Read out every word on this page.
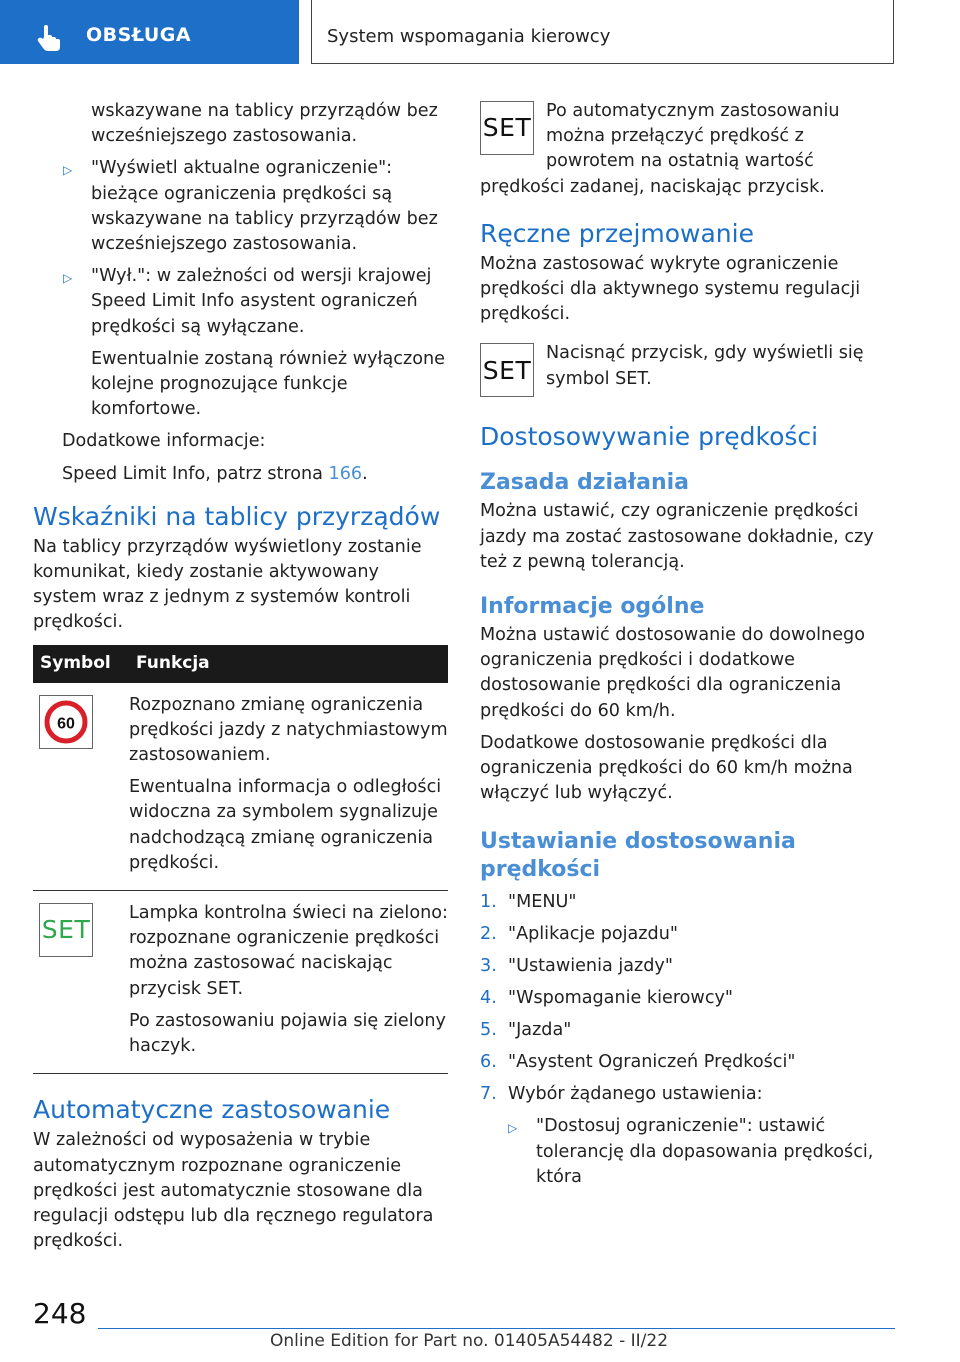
OBSŁUGA	System wspomagania kierowcy

wskazywane na tablicy przyrządów bez wcześniejszego zastosowania.

▷	"Wyświetl aktualne ograniczenie": bieżące ograniczenia prędkości są wskazywane na tablicy przyrządów bez wcześniejszego zastosowania.
▷	"Wył.": w zależności od wersji krajowej Speed Limit Info asystent ograniczeń prędkości są wyłączane.

Ewentualnie zostaną również wyłączone kolejne prognozujące funkcje komfortowe.

Dodatkowe informacje:

Speed Limit Info, patrz strona 166.

Wskaźniki na tablicy przyrządów

Na tablicy przyrządów wyświetlony zostanie komunikat, kiedy zostanie aktywowany system wraz z jednym z systemów kontroli prędkości.

Symbol	Funkcja

60	Rozpoznano zmianę ograniczenia prędkości jazdy z natychmiastowym zastosowaniem.

Ewentualna informacja o odległości widoczna za symbolem sygnalizuje nadchodzącą zmianę ograniczenia prędkości.

SET	Lampka kontrolna świeci na zielono: rozpoznane ograniczenie prędkości można zastosować naciskając przycisk SET.

Po zastosowaniu pojawia się zielony haczyk.

Automatyczne zastosowanie

W zależności od wyposażenia w trybie automatycznym rozpoznane ograniczenie prędkości jest automatycznie stosowane dla regulacji odstępu lub dla ręcznego regulatora prędkości.

SET

Po automatycznym zastosowaniu można przełączyć prędkość z powrotem na ostatnią wartość prędkości zadanej, naciskając przycisk.

Ręczne przejmowanie

Można zastosować wykryte ograniczenie prędkości dla aktywnego systemu regulacji prędkości.

SET

Nacisnąć przycisk, gdy wyświetli się symbol SET.

Dostosowywanie prędkości
Zasada działania

Można ustawić, czy ograniczenie prędkości jazdy ma zostać zastosowane dokładnie, czy też z pewną tolerancją.

Informacje ogólne

Można ustawić dostosowanie do dowolnego ograniczenia prędkości i dodatkowe dostosowanie prędkości dla ograniczenia prędkości do 60 km/h.

Dodatkowe dostosowanie prędkości dla ograniczenia prędkości do 60 km/h można włączyć lub wyłączyć.

Ustawianie dostosowania prędkości
1. "MENU"
2. "Aplikacje pojazdu"
3. "Ustawienia jazdy"
4. "Wspomaganie kierowcy"
5. "Jazda"
6. "Asystent Ograniczeń Prędkości"
7. Wybór żądanego ustawienia:
▷	"Dostosuj ograniczenie": ustawić tolerancję dla dopasowania prędkości, która
248
Online Edition for Part no. 01405A54482 - II/22
